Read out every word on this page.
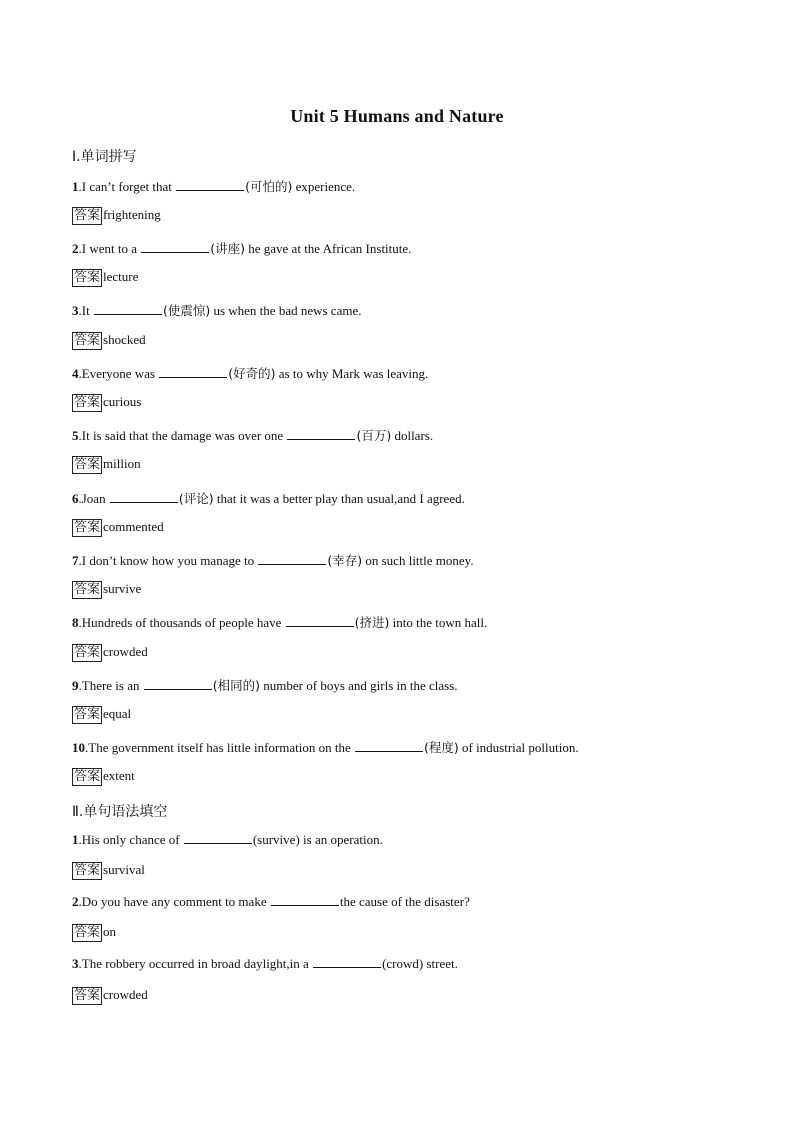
Unit 5 Humans and Nature
Ⅰ.单词拼写
1.I can’t forget that	(可怕的) experience.
答案 frightening
2.I went to a	(讲座) he gave at the African Institute.
答案 lecture
3.It	(使震惊) us when the bad news came.
答案 shocked
4.Everyone was	(好奇的) as to why Mark was leaving.
答案 curious
5.It is said that the damage was over one	(百万) dollars.
答案 million
6.Joan	(评论) that it was a better play than usual,and I agreed.
答案 commented
7.I don’t know how you manage to	(幸存) on such little money.
答案 survive
8.Hundreds of thousands of people have	(挤进) into the town hall.
答案 crowded
9.There is an	(相同的) number of boys and girls in the class.
答案 equal
10.The government itself has little information on the	(程度) of industrial pollution.
答案 extent
Ⅱ.单句语法填空
1.His only chance of	(survive) is an operation.
答案 survival
2.Do you have any comment to make	the cause of the disaster?
答案 on
3.The robbery occurred in broad daylight,in a	(crowd) street.
答案 crowded
